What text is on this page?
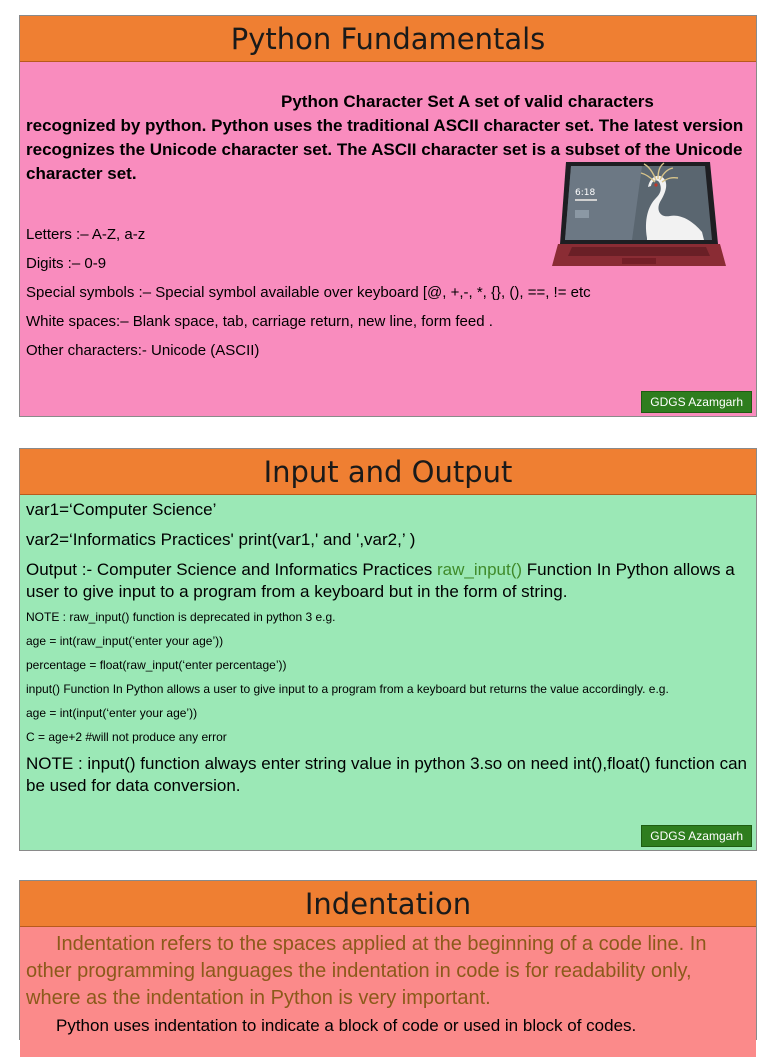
Python Fundamentals
Python Character Set A set of valid characters recognized by python. Python uses the traditional ASCII character set. The latest version recognizes the Unicode character set. The ASCII character set is a subset of the Unicode character set.
Letters :– A-Z, a-z
Digits :– 0-9
Special symbols :– Special symbol available over keyboard [@, +,-, *, {}, (), ==, != etc
White spaces:– Blank space, tab, carriage return, new line, form feed .
Other characters:- Unicode (ASCII)
6:18
GDGS Azamgarh
Input and Output
var1=‘Computer Science’
var2=‘Informatics Practices' print(var1,' and ',var2,’ )
Output :- Computer Science and Informatics Practices raw_input() Function In Python allows a user to give input to a program from a keyboard but in the form of string.
NOTE : raw_input() function is deprecated in python 3 e.g.
age = int(raw_input(‘enter your age’))
percentage = float(raw_input(‘enter percentage’))
input() Function In Python allows a user to give input to a program from a keyboard but returns the value accordingly. e.g.
age = int(input(‘enter your age’))
C = age+2 #will not produce any error
NOTE : input() function always enter string value in python 3.so on need int(),float() function can be used for data conversion.
GDGS Azamgarh
Indentation
Indentation refers to the spaces applied at the beginning of a code line. In other programming languages the indentation in code is for readability only, where as the indentation in Python is very important.
Python uses indentation to indicate a block of code or used in block of codes.
